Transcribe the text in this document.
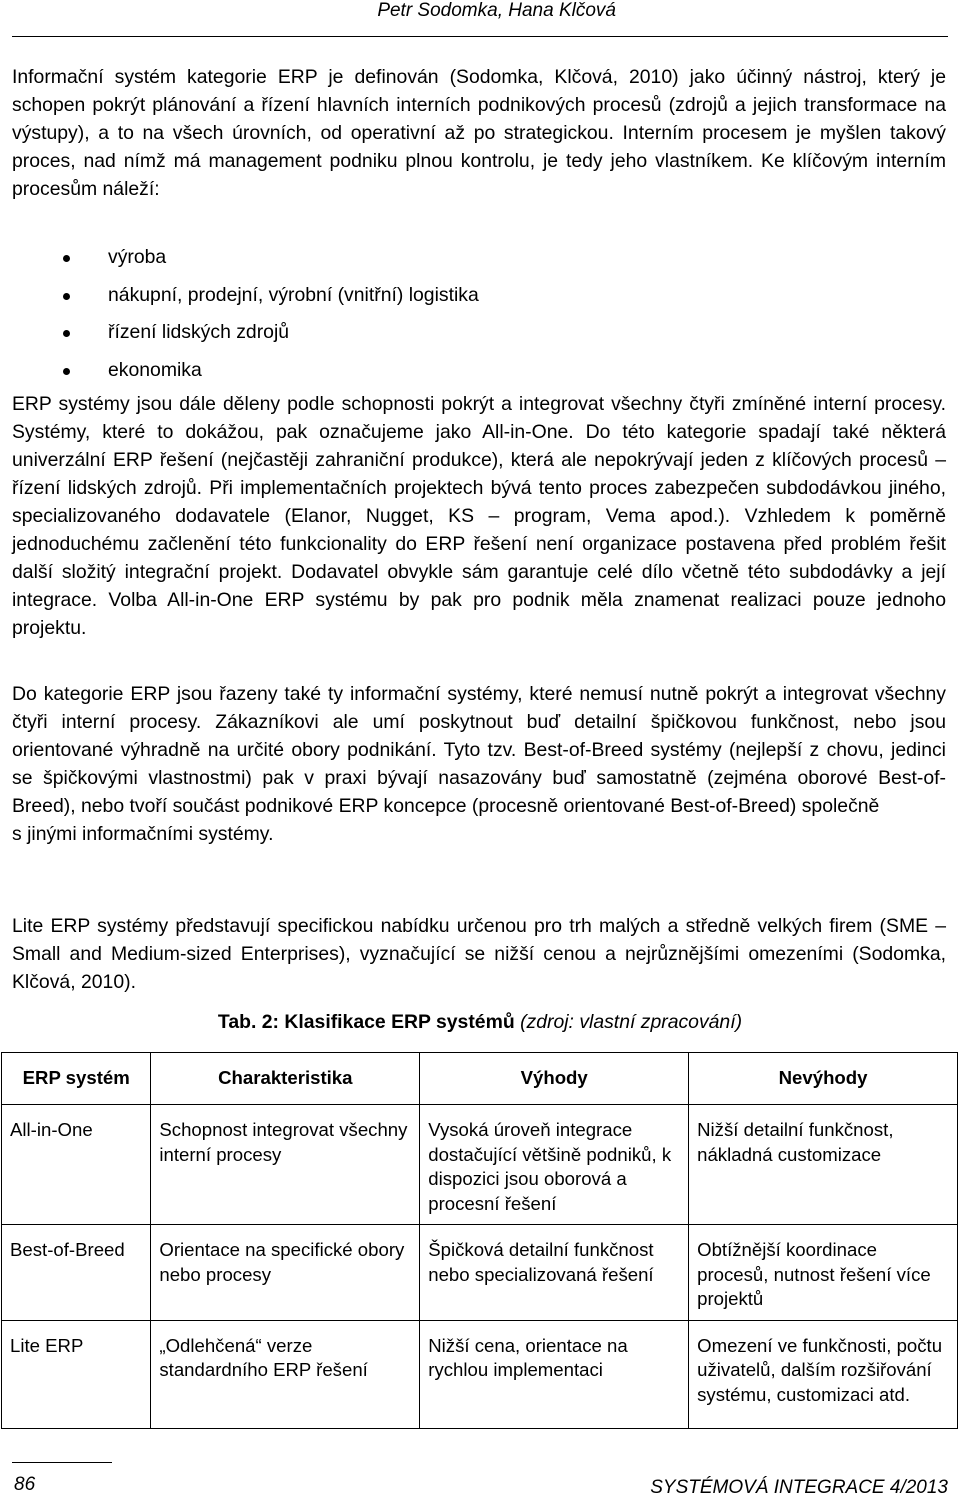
Petr Sodomka, Hana Klčová

Informační systém kategorie ERP je definován (Sodomka, Klčová, 2010) jako účinný nástroj, který je schopen pokrýt plánování a řízení hlavních interních podnikových procesů (zdrojů a jejich transformace na výstupy), a to na všech úrovních, od operativní až po strategickou. Interním procesem je myšlen takový proces, nad nímž má management podniku plnou kontrolu, je tedy jeho vlastníkem. Ke klíčovým interním procesům náleží:

výroba
nákupní, prodejní, výrobní (vnitřní) logistika
řízení lidských zdrojů
ekonomika

ERP systémy jsou dále děleny podle schopnosti pokrýt a integrovat všechny čtyři zmíněné interní procesy. Systémy, které to dokážou, pak označujeme jako All-in-One. Do této kategorie spadají také některá univerzální ERP řešení (nejčastěji zahraniční produkce), která ale nepokrývají jeden z klíčových procesů – řízení lidských zdrojů. Při implementačních projektech bývá tento proces zabezpečen subdodávkou jiného, specializovaného dodavatele (Elanor, Nugget, KS – program, Vema apod.). Vzhledem k poměrně jednoduchému začlenění této funkcionality do ERP řešení není organizace postavena před problém řešit další složitý integrační projekt. Dodavatel obvykle sám garantuje celé dílo včetně této subdodávky a její integrace. Volba All-in-One ERP systému by pak pro podnik měla znamenat realizaci pouze jednoho projektu.

Do kategorie ERP jsou řazeny také ty informační systémy, které nemusí nutně pokrýt a integrovat všechny čtyři interní procesy. Zákazníkovi ale umí poskytnout buď detailní špičkovou funkčnost, nebo jsou orientované výhradně na určité obory podnikání. Tyto tzv. Best-of-Breed systémy (nejlepší z chovu, jedinci se špičkovými vlastnostmi) pak v praxi bývají nasazovány buď samostatně (zejména oborové Best-of-Breed), nebo tvoří součást podnikové ERP koncepce (procesně orientované Best-of-Breed) společně
s jinými informačními systémy.

Lite ERP systémy představují specifickou nabídku určenou pro trh malých a středně velkých firem (SME – Small and Medium-sized Enterprises), vyznačující se nižší cenou a nejrůznějšími omezeními (Sodomka, Klčová, 2010).

Tab. 2: Klasifikace ERP systémů (zdroj: vlastní zpracování)
ERP systém	Charakteristika	Výhody	Nevýhody
All-in-One	Schopnost integrovat všechny interní procesy	Vysoká úroveň integrace dostačující většině podniků, k dispozici jsou oborová a procesní řešení	Nižší detailní funkčnost, nákladná customizace
Best-of-Breed	Orientace na specifické obory nebo procesy	Špičková detailní funkčnost nebo specializovaná řešení	Obtížnější koordinace procesů, nutnost řešení více projektů
Lite ERP	„Odlehčená“ verze standardního ERP řešení	Nižší cena, orientace na rychlou implementaci	Omezení ve funkčnosti, počtu uživatelů, dalším rozšiřování systému, customizaci atd.
86	SYSTÉMOVÁ INTEGRACE 4/2013
